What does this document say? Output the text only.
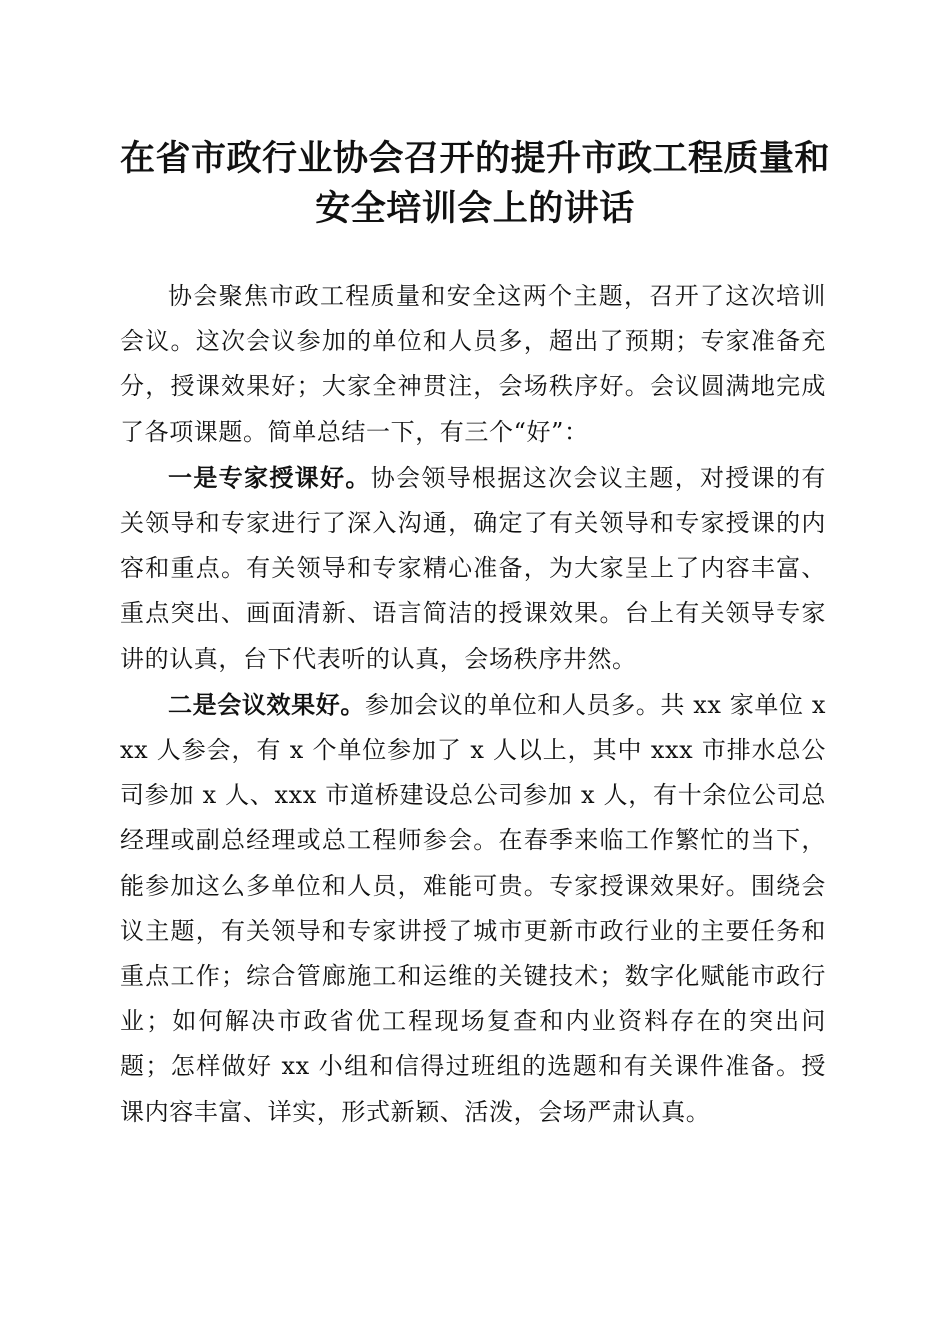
在省市政行业协会召开的提升市政工程质量和
安全培训会上的讲话

协会聚焦市政工程质量和安全这两个主题，召开了这次培训会议。这次会议参加的单位和人员多，超出了预期；专家准备充分，授课效果好；大家全神贯注，会场秩序好。会议圆满地完成了各项课题。简单总结一下，有三个“好”：

一是专家授课好。协会领导根据这次会议主题，对授课的有关领导和专家进行了深入沟通，确定了有关领导和专家授课的内容和重点。有关领导和专家精心准备，为大家呈上了内容丰富、重点突出、画面清新、语言简洁的授课效果。台上有关领导专家讲的认真，台下代表听的认真，会场秩序井然。

二是会议效果好。参加会议的单位和人员多。共 xx 家单位 xxx 人参会，有 x 个单位参加了 x 人以上，其中 xxx 市排水总公司参加 x 人、xxx 市道桥建设总公司参加 x 人，有十余位公司总经理或副总经理或总工程师参会。在春季来临工作繁忙的当下，能参加这么多单位和人员，难能可贵。专家授课效果好。围绕会议主题，有关领导和专家讲授了城市更新市政行业的主要任务和重点工作；综合管廊施工和运维的关键技术；数字化赋能市政行业；如何解决市政省优工程现场复查和内业资料存在的突出问题；怎样做好 xx 小组和信得过班组的选题和有关课件准备。授课内容丰富、详实，形式新颖、活泼，会场严肃认真。
